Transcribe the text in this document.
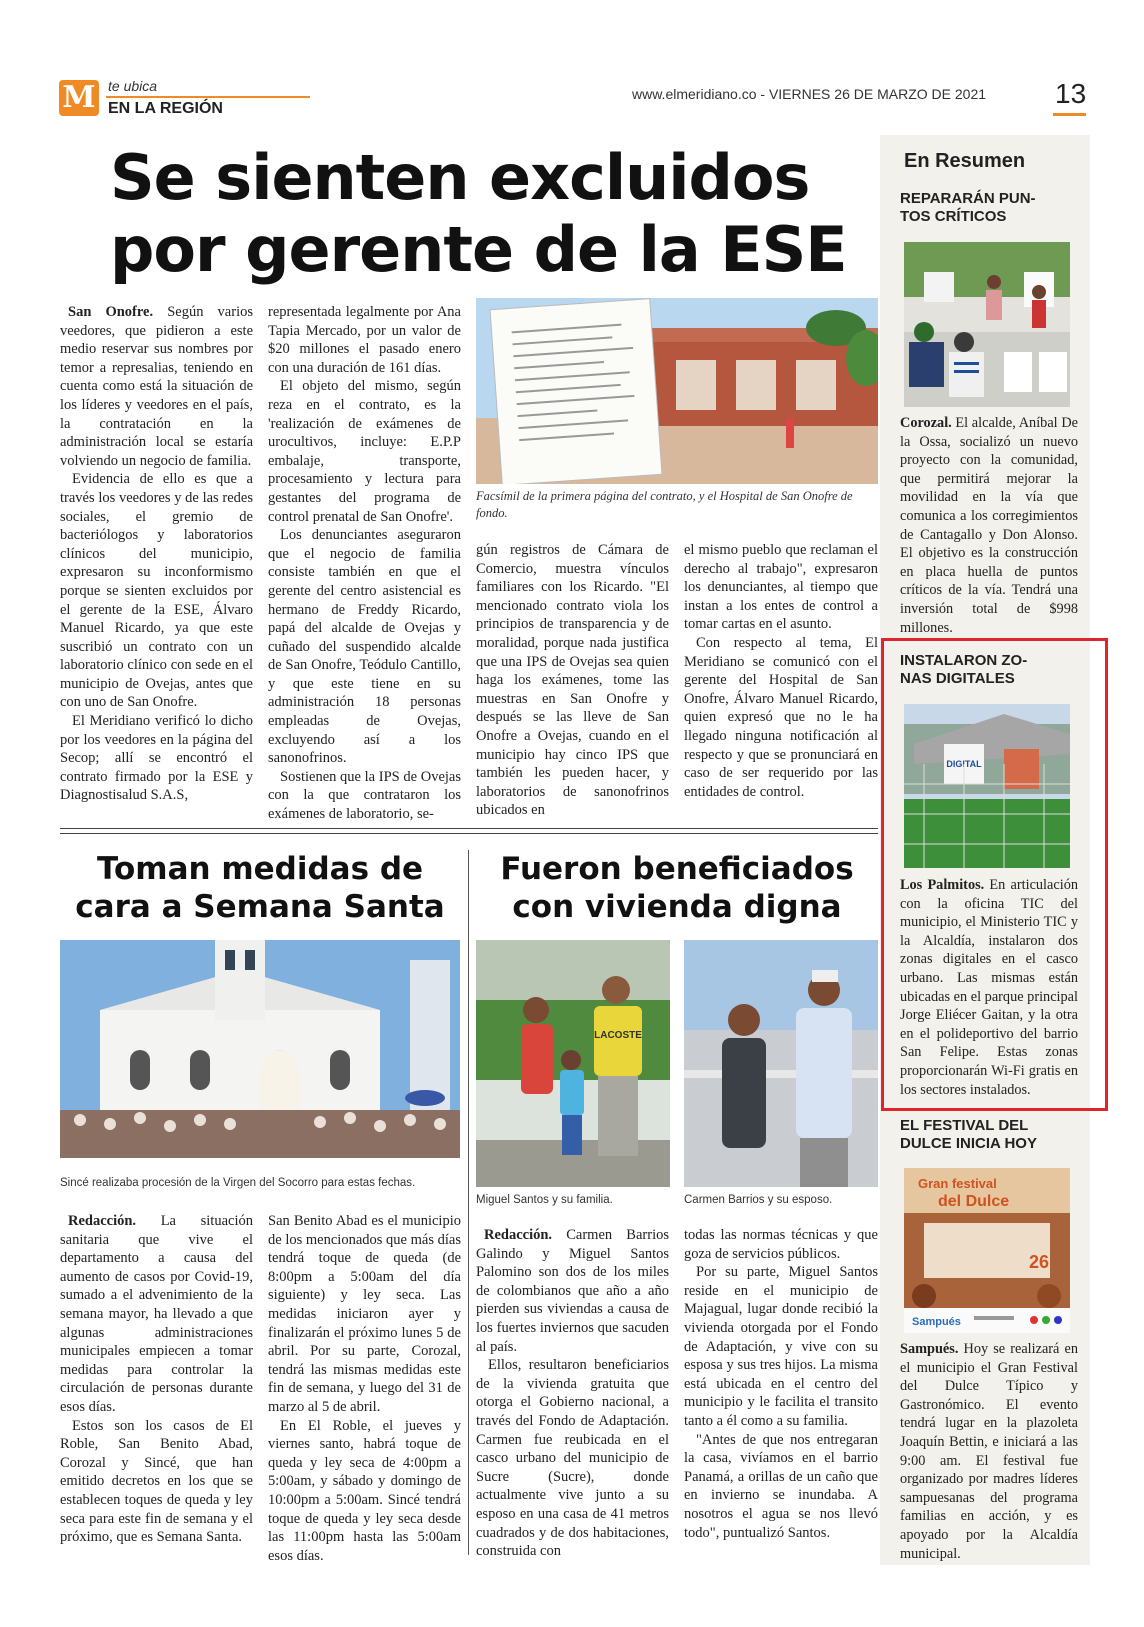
M te ubica
EN LA REGIÓN
www.elmeridiano.co - VIERNES 26 DE MARZO DE 2021 13
Se sienten excluidos
por gerente de la ESE

San Onofre. Según varios veedores, que pidieron a este medio reservar sus nombres por temor a represalias, teniendo en cuenta como está la situación de los líderes y veedores en el país, la contratación en la administración local se estaría volviendo un negocio de familia.

Evidencia de ello es que a través los veedores y de las redes sociales, el gremio de bacteriólogos y laboratorios clínicos del municipio, expresaron su inconformismo porque se sienten excluidos por el gerente de la ESE, Álvaro Manuel Ricardo, ya que este suscribió un contrato con un laboratorio clínico con sede en el municipio de Ovejas, antes que con uno de San Onofre.

El Meridiano verificó lo dicho por los veedores en la página del Secop; allí se encontró el contrato firmado por la ESE y Diagnostisalud S.A.S,

representada legalmente por Ana Tapia Mercado, por un valor de $20 millones el pasado enero con una duración de 161 días.

El objeto del mismo, según reza en el contrato, es la 'realización de exámenes de urocultivos, incluye: E.P.P embalaje, transporte, procesamiento y lectura para gestantes del programa de control prenatal de San Onofre'.

Los denunciantes aseguraron que el negocio de familia consiste también en que el gerente del centro asistencial es hermano de Freddy Ricardo, papá del alcalde de Ovejas y cuñado del suspendido alcalde de San Onofre, Teódulo Cantillo, y que este tiene en su administración 18 personas empleadas de Ovejas, excluyendo así a los sanonofrinos.

Sostienen que la IPS de Ovejas con la que contrataron los exámenes de laboratorio, se-

Facsímil de la primera página del contrato, y el Hospital de San Onofre de fondo.

gún registros de Cámara de Comercio, muestra vínculos familiares con los Ricardo. "El mencionado contrato viola los principios de transparencia y de moralidad, porque nada justifica que una IPS de Ovejas sea quien haga los exámenes, tome las muestras en San Onofre y después se las lleve de San Onofre a Ovejas, cuando en el municipio hay cinco IPS que también les pueden hacer, y laboratorios de sanonofrinos ubicados en

el mismo pueblo que reclaman el derecho al trabajo", expresaron los denunciantes, al tiempo que instan a los entes de control a tomar cartas en el asunto.

Con respecto al tema, El Meridiano se comunicó con el gerente del Hospital de San Onofre, Álvaro Manuel Ricardo, quien expresó que no le ha llegado ninguna notificación al respecto y que se pronunciará en caso de ser requerido por las entidades de control.

Toman medidas de
cara a Semana Santa
Sincé realizaba procesión de la Virgen del Socorro para estas fechas.

Redacción. La situación sanitaria que vive el departamento a causa del aumento de casos por Covid-19, sumado a el advenimiento de la semana mayor, ha llevado a que algunas administraciones municipales empiecen a tomar medidas para controlar la circulación de personas durante esos días.

Estos son los casos de El Roble, San Benito Abad, Corozal y Sincé, que han emitido decretos en los que se establecen toques de queda y ley seca para este fin de semana y el próximo, que es Semana Santa.

San Benito Abad es el municipio de los mencionados que más días tendrá toque de queda (de 8:00pm a 5:00am del día siguiente) y ley seca. Las medidas iniciaron ayer y finalizarán el próximo lunes 5 de abril. Por su parte, Corozal, tendrá las mismas medidas este fin de semana, y luego del 31 de marzo al 5 de abril.

En El Roble, el jueves y viernes santo, habrá toque de queda y ley seca de 4:00pm a 5:00am, y sábado y domingo de 10:00pm a 5:00am. Sincé tendrá toque de queda y ley seca desde las 11:00pm hasta las 5:00am esos días.

Fueron beneficiados
con vivienda digna
LACOSTE
Miguel Santos y su familia.	Carmen Barrios y su esposo.

Redacción. Carmen Barrios Galindo y Miguel Santos Palomino son dos de los miles de colombianos que año a año pierden sus viviendas a causa de los fuertes inviernos que sacuden al país.

Ellos, resultaron beneficiarios de la vivienda gratuita que otorga el Gobierno nacional, a través del Fondo de Adaptación. Carmen fue reubicada en el casco urbano del municipio de Sucre (Sucre), donde actualmente vive junto a su esposo en una casa de 41 metros cuadrados y de dos habitaciones, construida con

todas las normas técnicas y que goza de servicios públicos.

Por su parte, Miguel Santos reside en el municipio de Majagual, lugar donde recibió la vivienda otorgada por el Fondo de Adaptación, y vive con su esposa y sus tres hijos. La misma está ubicada en el centro del municipio y le facilita el transito tanto a él como a su familia.

"Antes de que nos entregaran la casa, vivíamos en el barrio Panamá, a orillas de un caño que en invierno se inundaba. A nosotros el agua se nos llevó todo", puntualizó Santos.

En Resumen
REPARARÁN PUN-
TOS CRÍTICOS

Corozal. El alcalde, Aníbal De la Ossa, socializó un nuevo proyecto con la comunidad, que permitirá mejorar la movilidad en la vía que comunica a los corregimientos de Cantagallo y Don Alonso. El objetivo es la construcción en placa huella de puntos críticos de la vía. Tendrá una inversión total de $998 millones.

INSTALARON ZO-
NAS DIGITALES
DIGITAL

Los Palmitos. En articulación con la oficina TIC del municipio, el Ministerio TIC y la Alcaldía, instalaron dos zonas digitales en el casco urbano. Las mismas están ubicadas en el parque principal Jorge Eliécer Gaitan, y la otra en el polideportivo del barrio San Felipe. Estas zonas proporcionarán Wi-Fi gratis en los sectores instalados.

EL FESTIVAL DEL
DULCE INICIA HOY
Gran festival
del Dulce
26
Sampués

Sampués. Hoy se realizará en el municipio el Gran Festival del Dulce Típico y Gastronómico. El evento tendrá lugar en la plazoleta Joaquín Bettin, e iniciará a las 9:00 am. El festival fue organizado por madres líderes sampuesanas del programa familias en acción, y es apoyado por la Alcaldía municipal.
